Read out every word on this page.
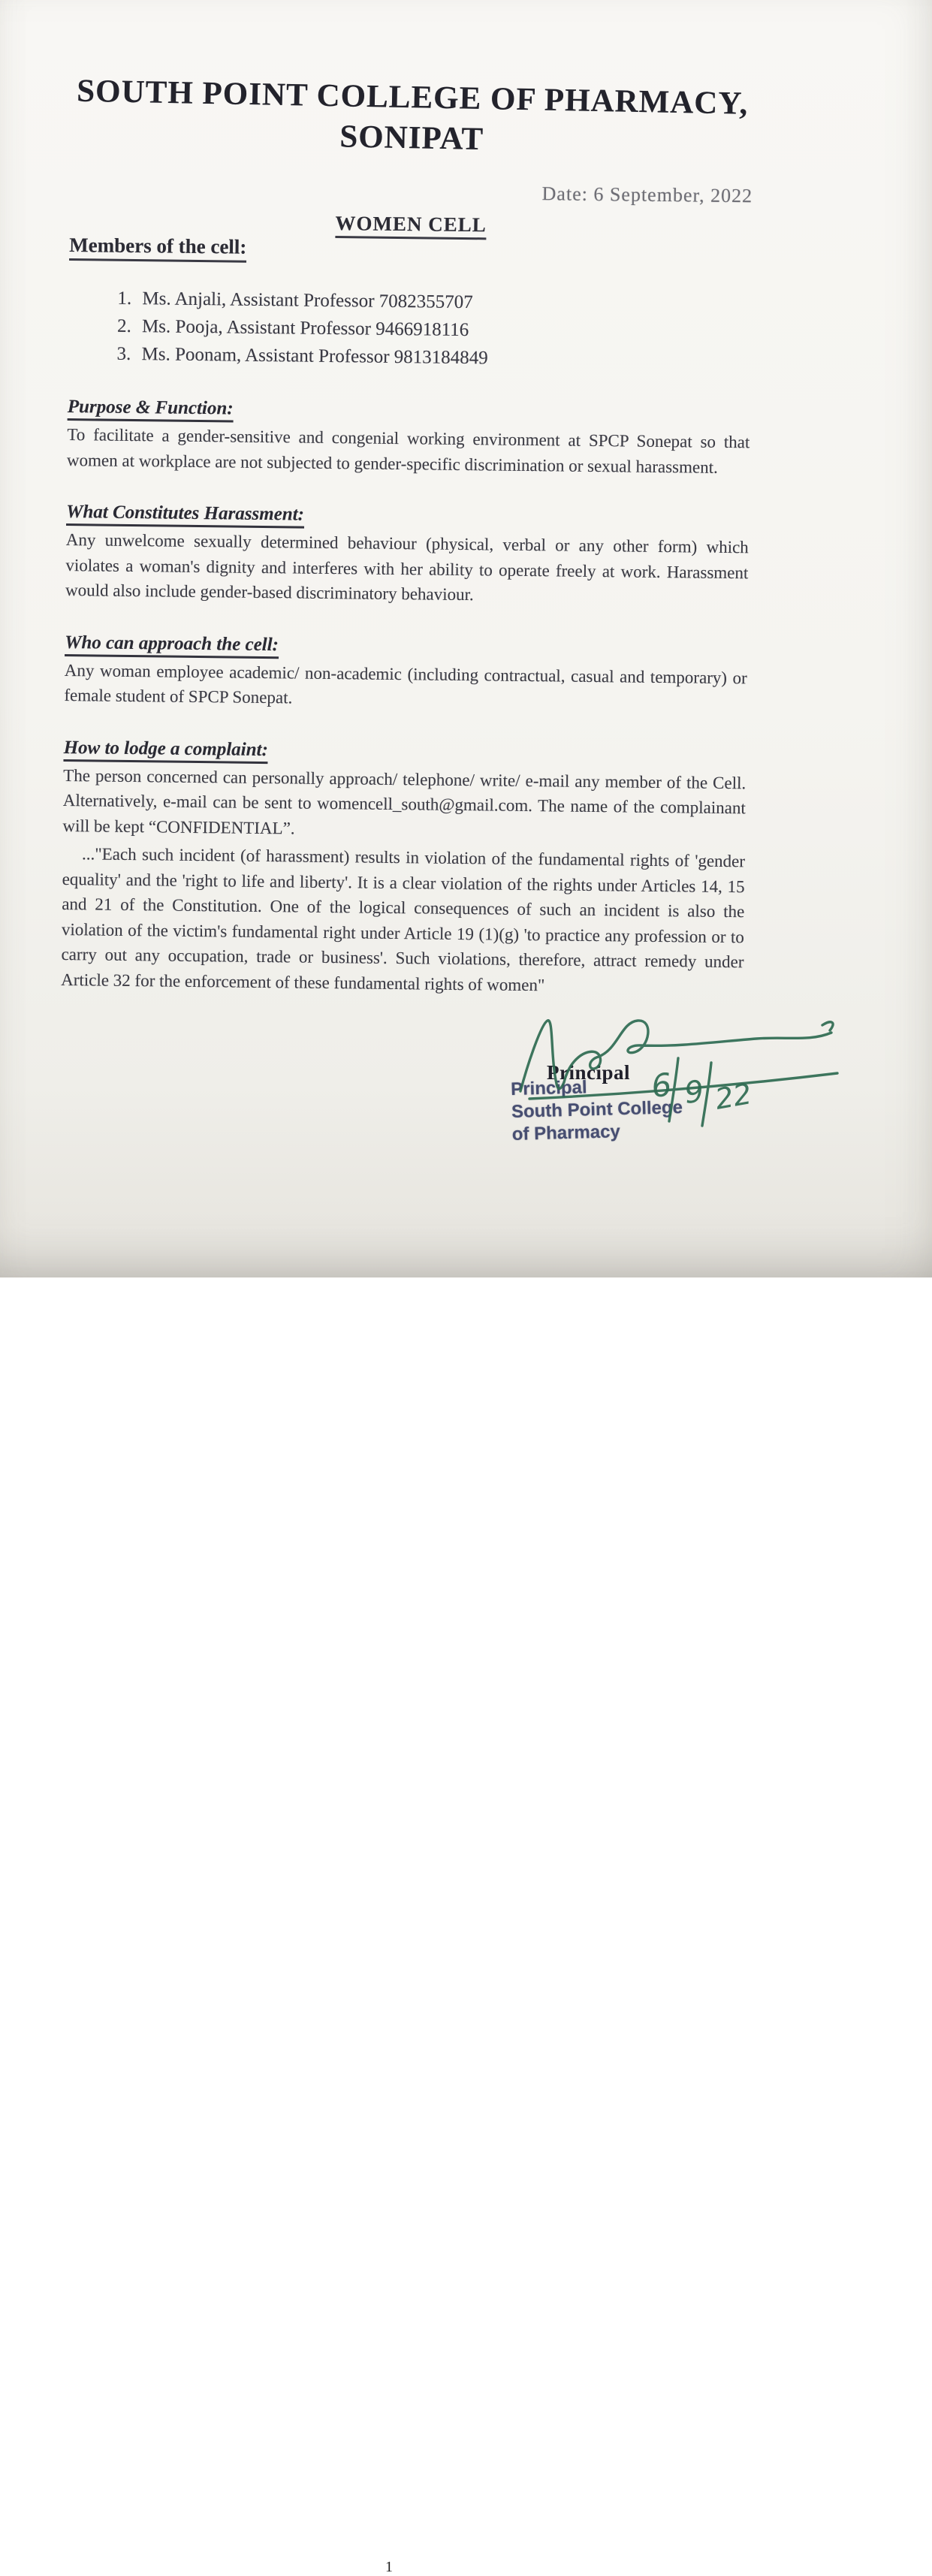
SOUTH POINT COLLEGE OF PHARMACY,
SONIPAT
Date: 6 September, 2022
WOMEN CELL
Members of the cell:
1. Ms. Anjali, Assistant Professor 7082355707
2. Ms. Pooja, Assistant Professor 9466918116
3. Ms. Poonam, Assistant Professor 9813184849
Purpose & Function:

To facilitate a gender-sensitive and congenial working environment at SPCP Sonepat so that women at workplace are not subjected to gender-specific discrimination or sexual harassment.

What Constitutes Harassment:

Any unwelcome sexually determined behaviour (physical, verbal or any other form) which violates a woman's dignity and interferes with her ability to operate freely at work. Harassment would also include gender-based discriminatory behaviour.

Who can approach the cell:

Any woman employee academic/ non-academic (including contractual, casual and temporary) or female student of SPCP Sonepat.

How to lodge a complaint:

The person concerned can personally approach/ telephone/ write/ e-mail any member of the Cell. Alternatively, e-mail can be sent to womencell_south@gmail.com. The name of the complainant will be kept “CONFIDENTIAL”.

..."Each such incident (of harassment) results in violation of the fundamental rights of 'gender equality' and the 'right to life and liberty'. It is a clear violation of the rights under Articles 14, 15 and 21 of the Constitution. One of the logical consequences of such an incident is also the violation of the victim's fundamental right under Article 19 (1)(g) 'to practice any profession or to carry out any occupation, trade or business'. Such violations, therefore, attract remedy under Article 32 for the enforcement of these fundamental rights of women"

Principal
Principal
South Point College
of Pharmacy
6 9 22
1
